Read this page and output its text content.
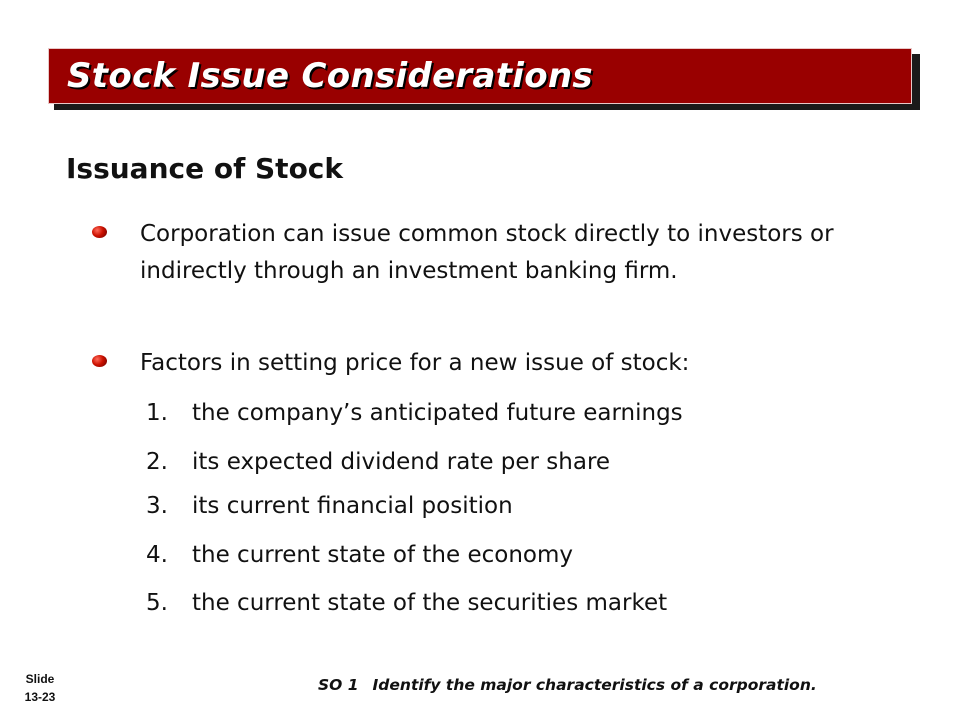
Stock Issue Considerations
Issuance of Stock
Corporation can issue common stock directly to investors or indirectly through an investment banking firm.
Factors in setting price for a new issue of stock:
1. the company’s anticipated future earnings
2. its expected dividend rate per share
3. its current financial position
4. the current state of the economy
5. the current state of the securities market
Slide
13-23
SO 1 Identify the major characteristics of a corporation.
